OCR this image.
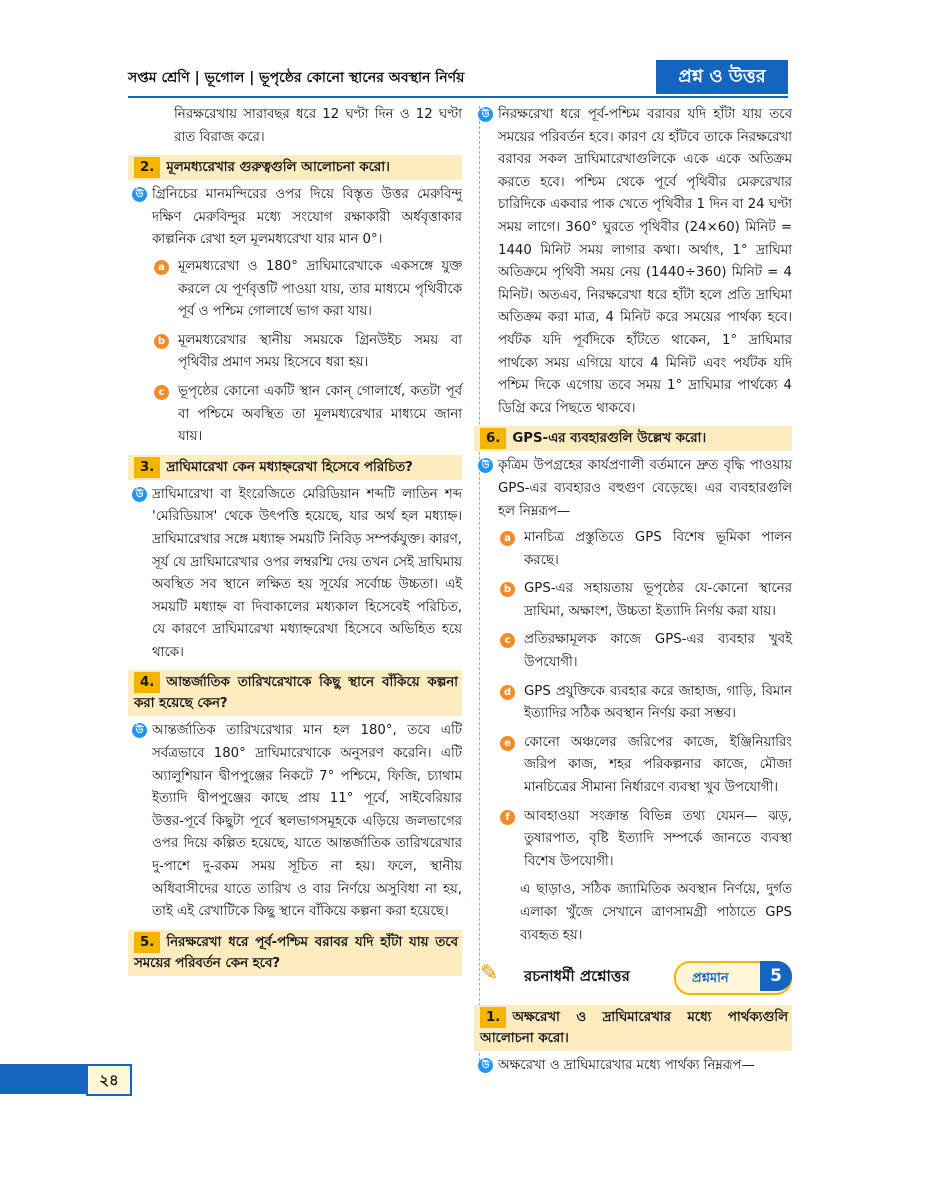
সপ্তম শ্রেণি | ভূগোল | ভূপৃষ্ঠের কোনো স্থানের অবস্থান নির্ণয়	প্রশ্ন ও উত্তর

নিরক্ষরেখায় সারাবছর ধরে 12 ঘণ্টা দিন ও 12 ঘণ্টা রাত বিরাজ করে।

2. মূলমধ্যরেখার গুরুত্বগুলি আলোচনা করো।
উ গ্রিনিচের মানমন্দিরের ওপর দিয়ে বিস্তৃত উত্তর মেরুবিন্দু দক্ষিণ মেরুবিন্দুর মধ্যে সংযোগ রক্ষাকারী অর্ধবৃত্তাকার কাল্পনিক রেখা হল মূলমধ্যরেখা যার মান 0°।
a মূলমধ্যরেখা ও 180° দ্রাঘিমারেখাকে একসঙ্গে যুক্ত করলে যে পূর্ণবৃত্তটি পাওয়া যায়, তার মাধ্যমে পৃথিবীকে পূর্ব ও পশ্চিম গোলার্ধে ভাগ করা যায়।
b মূলমধ্যরেখার স্থানীয় সময়কে গ্রিনউইচ সময় বা পৃথিবীর প্রমাণ সময় হিসেবে ধরা হয়।
c	ভূপৃষ্ঠের কোনো একটি স্থান কোন্ গোলার্ধে, কতটা পূর্ব বা পশ্চিমে অবস্থিত তা মূলমধ্যরেখার মাধ্যমে জানা যায়।
3. দ্রাঘিমারেখা কেন মধ্যাহ্নরেখা হিসেবে পরিচিত?
উ দ্রাঘিমারেখা বা ইংরেজিতে মেরিডিয়ান শব্দটি লাতিন শব্দ 'মেরিডিয়াস' থেকে উৎপত্তি হয়েছে, যার অর্থ হল মধ্যাহ্ন। দ্রাঘিমারেখার সঙ্গে মধ্যাহ্ন সময়টি নিবিড় সম্পর্কযুক্ত। কারণ, সূর্য যে দ্রাঘিমারেখার ওপর লম্বরশ্মি দেয় তখন সেই দ্রাঘিমায় অবস্থিত সব স্থানে লক্ষিত হয় সূর্যের সর্বোচ্চ উচ্চতা। এই সময়টি মধ্যাহ্ন বা দিবাকালের মধ্যকাল হিসেবেই পরিচিত, যে কারণে দ্রাঘিমারেখা মধ্যাহ্নরেখা হিসেবে অভিহিত হয়ে থাকে।
4. আন্তর্জাতিক তারিখরেখাকে কিছু স্থানে বাঁকিয়ে কল্পনা করা হয়েছে কেন?
উ আন্তর্জাতিক তারিখরেখার মান হল 180°, তবে এটি সর্বত্রভাবে 180° দ্রাঘিমারেখাকে অনুসরণ করেনি। এটি অ্যালুশিয়ান দ্বীপপুঞ্জের নিকটে 7° পশ্চিমে, ফিজি, চ্যাথাম ইত্যাদি দ্বীপপুঞ্জের কাছে প্রায় 11° পূর্বে, সাইবেরিয়ার উত্তর-পূর্বে কিছুটা পূর্বে স্থলভাগসমূহকে এড়িয়ে জলভাগের ওপর দিয়ে কল্পিত হয়েছে, যাতে আন্তর্জাতিক তারিখরেখার দু-পাশে দু-রকম সময় সূচিত না হয়। ফলে, স্থানীয় অধিবাসীদের যাতে তারিখ ও বার নির্ণয়ে অসুবিধা না হয়, তাই এই রেখাটিকে কিছু স্থানে বাঁকিয়ে কল্পনা করা হয়েছে।
5. নিরক্ষরেখা ধরে পূর্ব-পশ্চিম বরাবর যদি হাঁটা যায় তবে সময়ের পরিবর্তন কেন হবে?
উ নিরক্ষরেখা ধরে পূর্ব-পশ্চিম বরাবর যদি হাঁটা যায় তবে সময়ের পরিবর্তন হবে। কারণ যে হাঁটবে তাকে নিরক্ষরেখা বরাবর সকল দ্রাঘিমারেখাগুলিকে একে একে অতিক্রম করতে হবে। পশ্চিম থেকে পূর্বে পৃথিবীর মেরুরেখার চারিদিকে একবার পাক খেতে পৃথিবীর 1 দিন বা 24 ঘণ্টা সময় লাগে। 360° ঘুরতে পৃথিবীর (24×60) মিনিট = 1440 মিনিট সময় লাগার কথা। অর্থাৎ, 1° দ্রাঘিমা অতিক্রমে পৃথিবী সময় নেয় (1440÷360) মিনিট = 4 মিনিট। অতএব, নিরক্ষরেখা ধরে হাঁটা হলে প্রতি দ্রাঘিমা অতিক্রম করা মাত্র, 4 মিনিট করে সময়ের পার্থক্য হবে। পর্যটক যদি পূর্বদিকে হাঁটতে থাকেন, 1° দ্রাঘিমার পার্থক্যে সময় এগিয়ে যাবে 4 মিনিট এবং পর্যটক যদি পশ্চিম দিকে এগোয় তবে সময় 1° দ্রাঘিমার পার্থক্যে 4 ডিগ্রি করে পিছতে থাকবে।
6. GPS-এর ব্যবহারগুলি উল্লেখ করো।
উ কৃত্রিম উপগ্রহের কার্যপ্রণালী বর্তমানে দ্রুত বৃদ্ধি পাওয়ায় GPS-এর ব্যবহারও বহুগুণ বেড়েছে। এর ব্যবহারগুলি হল নিম্নরূপ—
a মানচিত্র প্রস্তুতিতে GPS বিশেষ ভূমিকা পালন করছে।
b GPS-এর সহায়তায় ভূপৃষ্ঠের যে-কোনো স্থানের দ্রাঘিমা, অক্ষাংশ, উচ্চতা ইত্যাদি নির্ণয় করা যায়।
c	প্রতিরক্ষামূলক কাজে GPS-এর ব্যবহার খুবই উপযোগী।
d GPS প্রযুক্তিকে ব্যবহার করে জাহাজ, গাড়ি, বিমান ইত্যাদির সঠিক অবস্থান নির্ণয় করা সম্ভব।
e কোনো অঞ্চলের জরিপের কাজে, ইঞ্জিনিয়ারিং জরিপ কাজ, শহর পরিকল্পনার কাজে, মৌজা মানচিত্রের সীমানা নির্ধারণে ব্যবস্থা খুব উপযোগী।
f	আবহাওয়া সংক্রান্ত বিভিন্ন তথ্য যেমন— ঝড়, তুষারপাত, বৃষ্টি ইত্যাদি সম্পর্কে জানতে ব্যবস্থা বিশেষ উপযোগী।

এ ছাড়াও, সঠিক জ্যামিতিক অবস্থান নির্ণয়ে, দুর্গত এলাকা খুঁজে সেখানে ত্রাণসামগ্রী পাঠাতে GPS ব্যবহৃত হয়।

✎ রচনাধর্মী প্রশ্নোত্তর	প্রশ্নমান	5
1. অক্ষরেখা ও দ্রাঘিমারেখার মধ্যে পার্থক্যগুলি আলোচনা করো।
উ অক্ষরেখা ও দ্রাঘিমারেখার মধ্যে পার্থক্য নিম্নরূপ—
২৪
